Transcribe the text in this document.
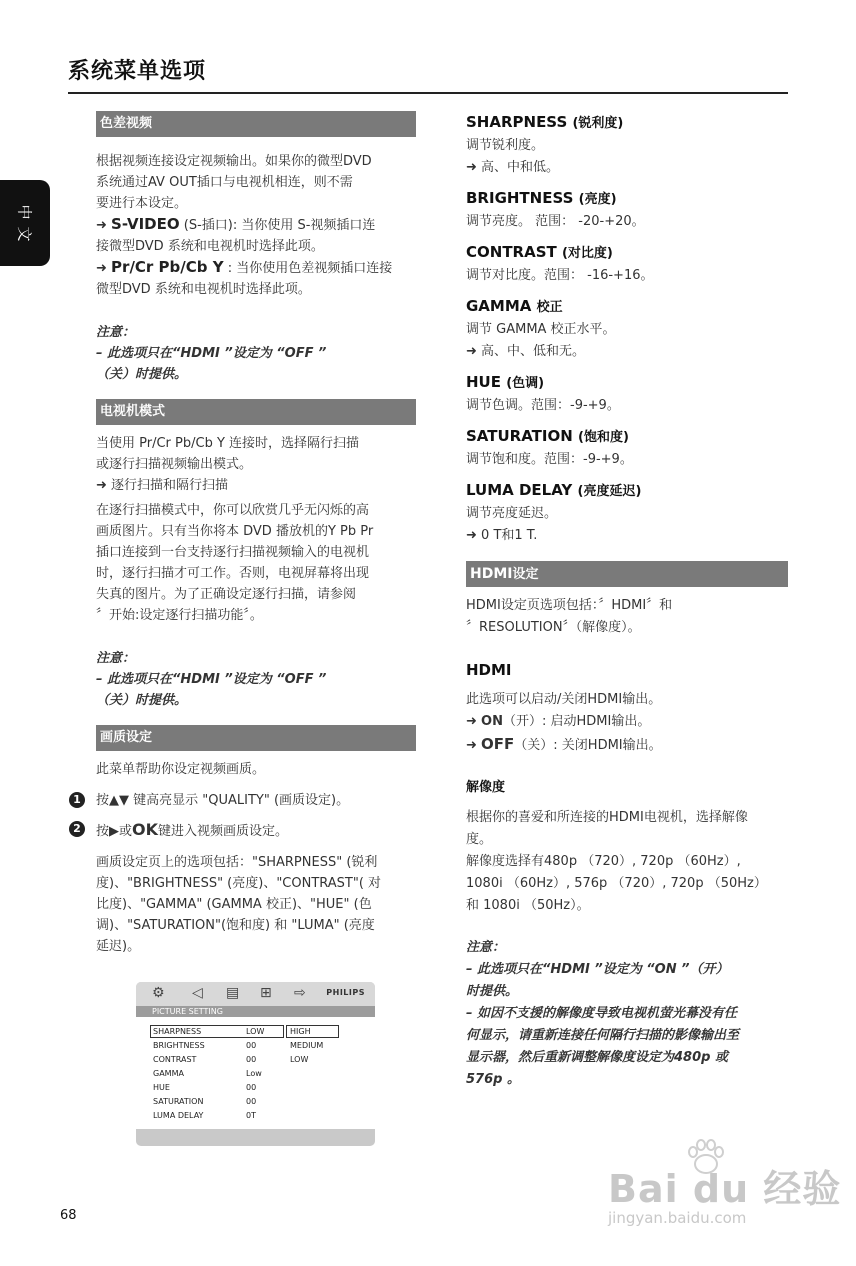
系统菜单选项
中
文
色差视频

根据视频连接设定视频输出。如果你的微型DVD

系统通过AV OUT插口与电视机相连，则不需

要进行本设定。

➜ S-VIDEO (S-插口): 当你使用 S-视频插口连

接微型DVD 系统和电视机时选择此项。

➜ Pr/Cr Pb/Cb Y : 当你使用色差视频插口连接

微型DVD 系统和电视机时选择此项。

注意：

– 此选项只在“HDMI ”设定为 “OFF ”

（关）时提供。

电视机模式

当使用 Pr/Cr Pb/Cb Y 连接时，选择隔行扫描

或逐行扫描视频输出模式。

➜ 逐行扫描和隔行扫描

在逐行扫描模式中，你可以欣赏几乎无闪烁的高

画质图片。只有当你将本 DVD 播放机的Y Pb Pr

插口连接到一台支持逐行扫描视频输入的电视机

时，逐行扫描才可工作。否则，电视屏幕将出现

失真的图片。为了正确设定逐行扫描，请参阅

〞开始:设定逐行扫描功能〞。

注意：

– 此选项只在“HDMI ”设定为 “OFF ”

（关）时提供。

画质设定

此菜单帮助你设定视频画质。

1	按▲▼ 键高亮显示 "QUALITY" (画质设定)。
2	按▶或OK键进入视频画质设定。

画质设定页上的选项包括："SHARPNESS" (锐利

度)、"BRIGHTNESS" (亮度)、"CONTRAST"( 对

比度)、"GAMMA" (GAMMA 校正)、"HUE" (色

调)、"SATURATION"(饱和度) 和 "LUMA" (亮度

延迟)。

⚙ ◁ ▤ ⊞ ⇨	PHILIPS
PICTURE SETTING
SHARPNESS	LOW	HIGH
BRIGHTNESS	00	MEDIUM
CONTRAST	00	LOW
GAMMA	Low
HUE	00
SATURATION	00
LUMA DELAY	0T

SHARPNESS (锐利度)

调节锐利度。

➜ 高、中和低。

BRIGHTNESS (亮度)

调节亮度。 范围： -20-+20。

CONTRAST (对比度)

调节对比度。范围： -16-+16。

GAMMA 校正

调节 GAMMA 校正水平。

➜ 高、中、低和无。

HUE (色调)

调节色调。范围：-9-+9。

SATURATION (饱和度)

调节饱和度。范围：-9-+9。

LUMA DELAY (亮度延迟)

调节亮度延迟。

➜ 0 T和1 T.

HDMI设定

HDMI设定页选项包括：〞HDMI〞和

〞RESOLUTION〞（解像度）。

HDMI

此选项可以启动/关闭HDMI输出。

➜ ON（开）: 启动HDMI输出。

➜ OFF（关）: 关闭HDMI输出。

解像度

根据你的喜爱和所连接的HDMI电视机，选择解像

度。

解像度选择有480p （720）, 720p （60Hz）,

1080i （60Hz）, 576p （720）, 720p （50Hz）

和 1080i （50Hz）。

注意：

– 此选项只在“HDMI ”设定为 “ON ”（开）

时提供。

– 如因不支援的解像度导致电视机萤光幕没有任

何显示，请重新连接任何隔行扫描的影像输出至

显示器，然后重新调整解像度设定为480p 或

576p 。

68
Bai du 经验
jingyan.baidu.com
